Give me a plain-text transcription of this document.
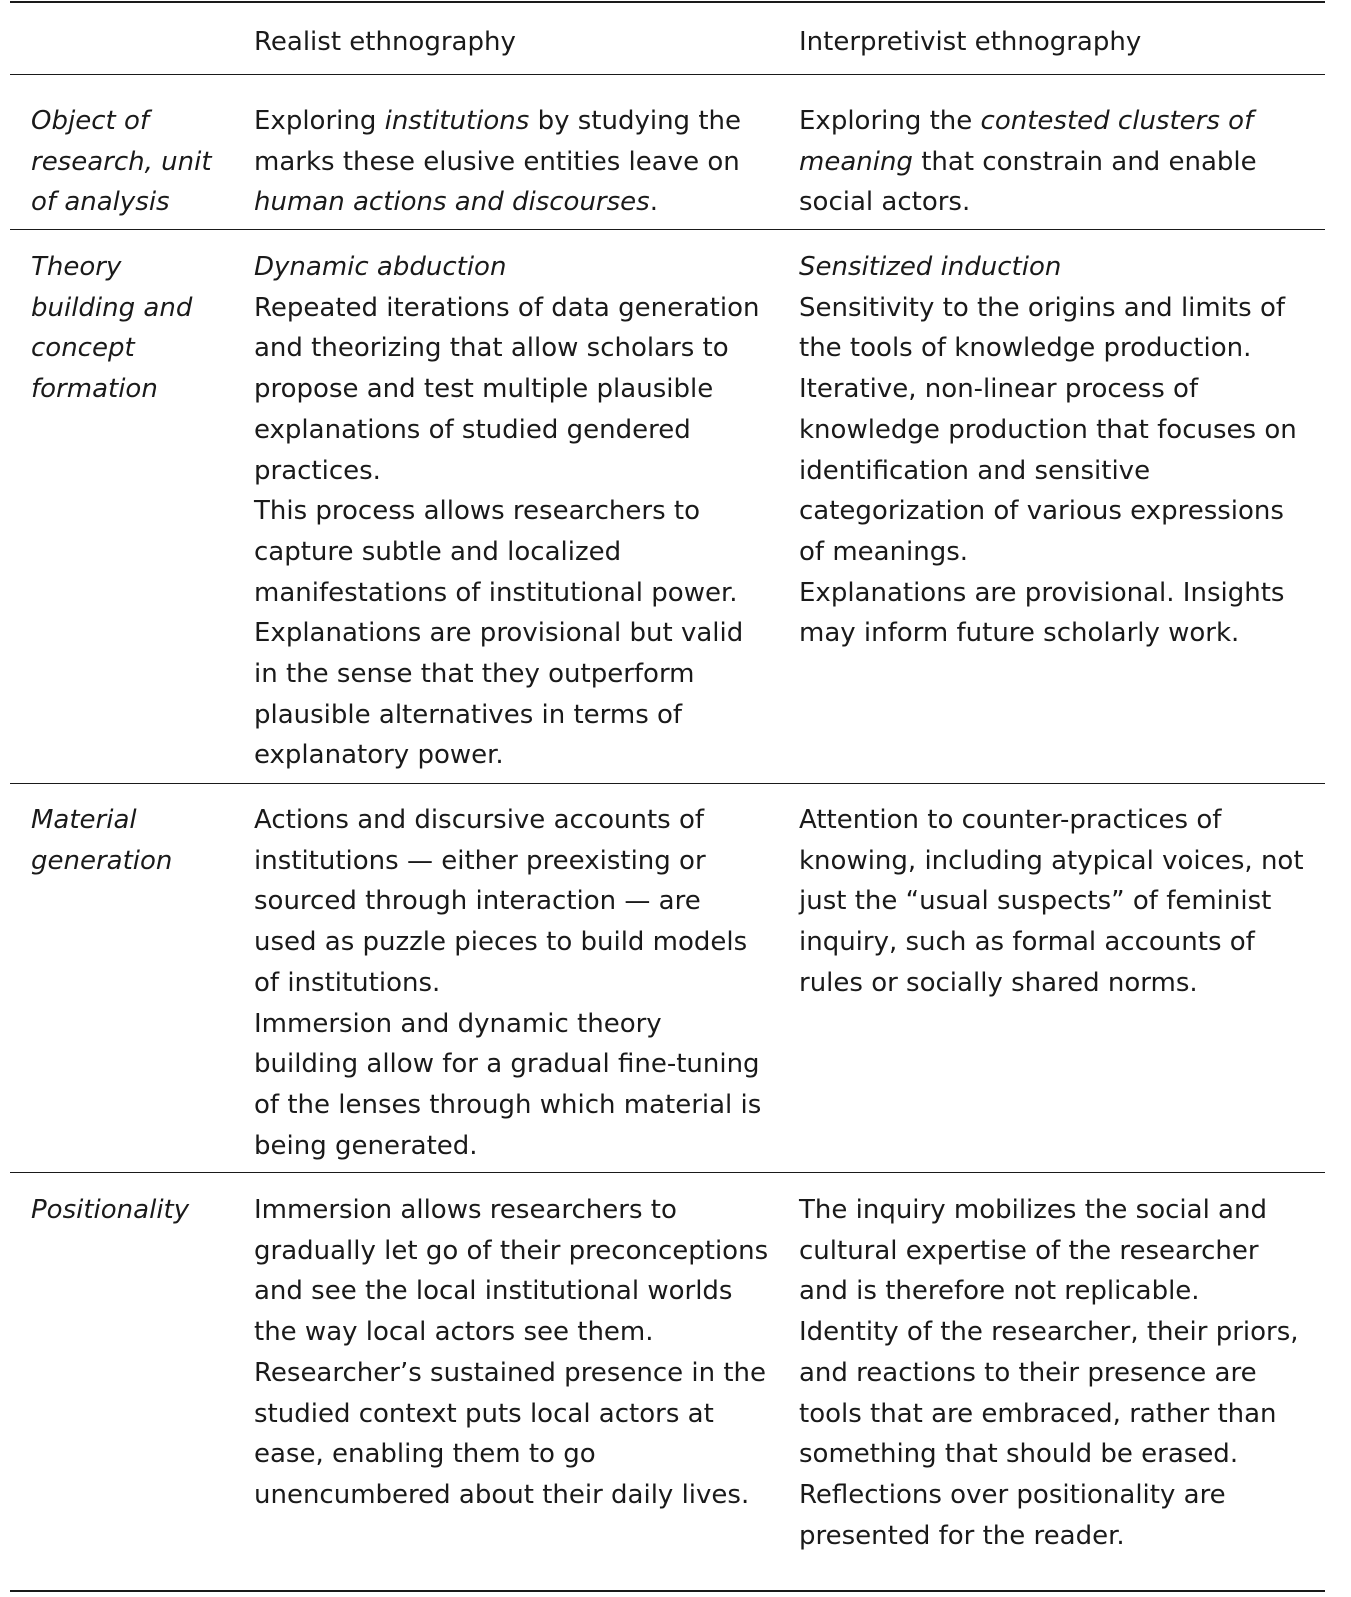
Realist ethnography	Interpretivist ethnography
Object of
research, unit
of analysis
Exploring institutions by studying the
marks these elusive entities leave on
human actions and discourses.
Exploring the contested clusters of
meaning that constrain and enable
social actors.
Theory
building and
concept
formation
Dynamic abduction
Repeated iterations of data generation
and theorizing that allow scholars to
propose and test multiple plausible
explanations of studied gendered
practices.
This process allows researchers to
capture subtle and localized
manifestations of institutional power.
Explanations are provisional but valid
in the sense that they outperform
plausible alternatives in terms of
explanatory power.
Sensitized induction
Sensitivity to the origins and limits of
the tools of knowledge production.
Iterative, non-linear process of
knowledge production that focuses on
identification and sensitive
categorization of various expressions
of meanings.
Explanations are provisional. Insights
may inform future scholarly work.
Material
generation
Actions and discursive accounts of
institutions — either preexisting or
sourced through interaction — are
used as puzzle pieces to build models
of institutions.
Immersion and dynamic theory
building allow for a gradual fine-tuning
of the lenses through which material is
being generated.
Attention to counter-practices of
knowing, including atypical voices, not
just the “usual suspects” of feminist
inquiry, such as formal accounts of
rules or socially shared norms.
Positionality Immersion allows researchers to
gradually let go of their preconceptions
and see the local institutional worlds
the way local actors see them.
Researcher’s sustained presence in the
studied context puts local actors at
ease, enabling them to go
unencumbered about their daily lives.
The inquiry mobilizes the social and
cultural expertise of the researcher
and is therefore not replicable.
Identity of the researcher, their priors,
and reactions to their presence are
tools that are embraced, rather than
something that should be erased.
Reflections over positionality are
presented for the reader.
